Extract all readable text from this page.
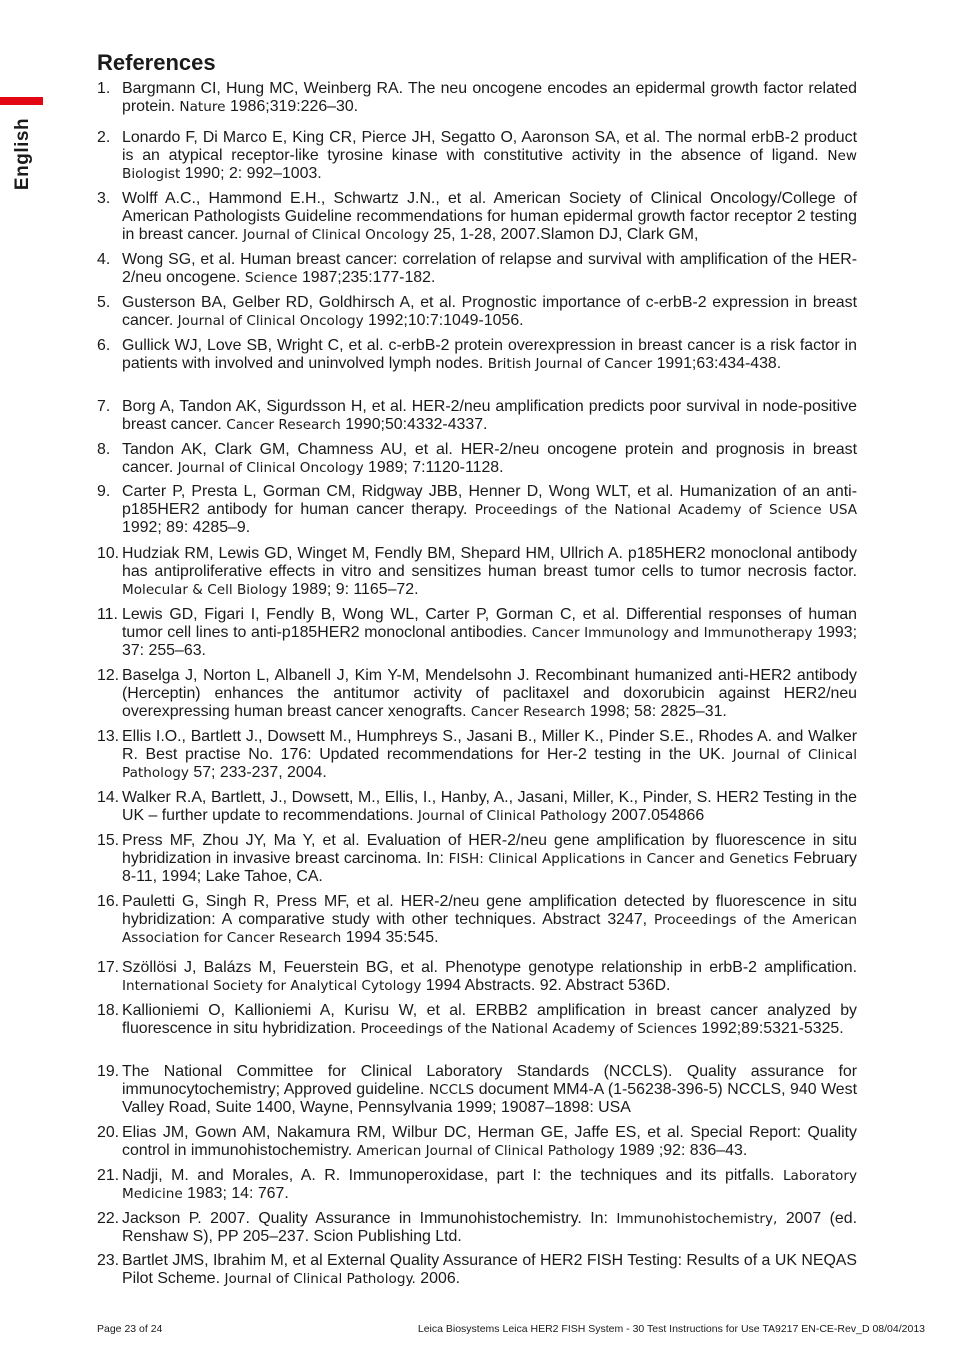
English
References
1. Bargmann CI, Hung MC, Weinberg RA. The neu oncogene encodes an epidermal growth factor related protein. Nature 1986;319:226–30.
2. Lonardo F, Di Marco E, King CR, Pierce JH, Segatto O, Aaronson SA, et al. The normal erbB-2 product is an atypical receptor-like tyrosine kinase with constitutive activity in the absence of ligand. New Biologist 1990; 2: 992–1003.
3. Wolff A.C., Hammond E.H., Schwartz J.N., et al. American Society of Clinical Oncology/College of American Pathologists Guideline recommendations for human epidermal growth factor receptor 2 testing in breast cancer. Journal of Clinical Oncology 25, 1-28, 2007.Slamon DJ, Clark GM,
4. Wong SG, et al. Human breast cancer: correlation of relapse and survival with amplification of the HER-2/neu oncogene. Science 1987;235:177-182.
5. Gusterson BA, Gelber RD, Goldhirsch A, et al. Prognostic importance of c-erbB-2 expression in breast cancer. Journal of Clinical Oncology 1992;10:7:1049-1056.
6. Gullick WJ, Love SB, Wright C, et al. c-erbB-2 protein overexpression in breast cancer is a risk factor in patients with involved and uninvolved lymph nodes. British Journal of Cancer 1991;63:434-438.
7. Borg A, Tandon AK, Sigurdsson H, et al. HER-2/neu amplification predicts poor survival in node-positive breast cancer. Cancer Research 1990;50:4332-4337.
8. Tandon AK, Clark GM, Chamness AU, et al. HER-2/neu oncogene protein and prognosis in breast cancer. Journal of Clinical Oncology 1989; 7:1120-1128.
9. Carter P, Presta L, Gorman CM, Ridgway JBB, Henner D, Wong WLT, et al. Humanization of an anti-p185HER2 antibody for human cancer therapy. Proceedings of the National Academy of Science USA 1992; 89: 4285–9.
10. Hudziak RM, Lewis GD, Winget M, Fendly BM, Shepard HM, Ullrich A. p185HER2 monoclonal antibody has antiproliferative effects in vitro and sensitizes human breast tumor cells to tumor necrosis factor. Molecular & Cell Biology 1989; 9: 1165–72.
11. Lewis GD, Figari I, Fendly B, Wong WL, Carter P, Gorman C, et al. Differential responses of human tumor cell lines to anti-p185HER2 monoclonal antibodies. Cancer Immunology and Immunotherapy 1993; 37: 255–63.
12. Baselga J, Norton L, Albanell J, Kim Y-M, Mendelsohn J. Recombinant humanized anti-HER2 antibody (Herceptin) enhances the antitumor activity of paclitaxel and doxorubicin against HER2/neu overexpressing human breast cancer xenografts. Cancer Research 1998; 58: 2825–31.
13. Ellis I.O., Bartlett J., Dowsett M., Humphreys S., Jasani B., Miller K., Pinder S.E., Rhodes A. and Walker R. Best practise No. 176: Updated recommendations for Her-2 testing in the UK. Journal of Clinical Pathology 57; 233-237, 2004.
14. Walker R.A, Bartlett, J., Dowsett, M., Ellis, I., Hanby, A., Jasani, Miller, K., Pinder, S. HER2 Testing in the UK – further update to recommendations. Journal of Clinical Pathology 2007.054866
15. Press MF, Zhou JY, Ma Y, et al. Evaluation of HER-2/neu gene amplification by fluorescence in situ hybridization in invasive breast carcinoma. In: FISH: Clinical Applications in Cancer and Genetics February 8-11, 1994; Lake Tahoe, CA.
16. Pauletti G, Singh R, Press MF, et al. HER-2/neu gene amplification detected by fluorescence in situ hybridization: A comparative study with other techniques. Abstract 3247, Proceedings of the American Association for Cancer Research 1994 35:545.
17. Szöllösi J, Balázs M, Feuerstein BG, et al. Phenotype genotype relationship in erbB-2 amplification. International Society for Analytical Cytology 1994 Abstracts. 92. Abstract 536D.
18. Kallioniemi O, Kallioniemi A, Kurisu W, et al. ERBB2 amplification in breast cancer analyzed by fluorescence in situ hybridization. Proceedings of the National Academy of Sciences 1992;89:5321-5325.
19. The National Committee for Clinical Laboratory Standards (NCCLS). Quality assurance for immunocytochemistry; Approved guideline. NCCLS document MM4-A (1-56238-396-5) NCCLS, 940 West Valley Road, Suite 1400, Wayne, Pennsylvania 1999; 19087–1898: USA
20. Elias JM, Gown AM, Nakamura RM, Wilbur DC, Herman GE, Jaffe ES, et al. Special Report: Quality control in immunohistochemistry. American Journal of Clinical Pathology 1989 ;92: 836–43.
21. Nadji, M. and Morales, A. R. Immunoperoxidase, part I: the techniques and its pitfalls. Laboratory Medicine 1983; 14: 767.
22. Jackson P. 2007. Quality Assurance in Immunohistochemistry. In: Immunohistochemistry, 2007 (ed. Renshaw S), PP 205–237. Scion Publishing Ltd.
23. Bartlet JMS, Ibrahim M, et al External Quality Assurance of HER2 FISH Testing: Results of a UK NEQAS Pilot Scheme. Journal of Clinical Pathology. 2006.
Page 23 of 24	Leica Biosystems Leica HER2 FISH System - 30 Test Instructions for Use TA9217 EN-CE-Rev_D 08/04/2013
